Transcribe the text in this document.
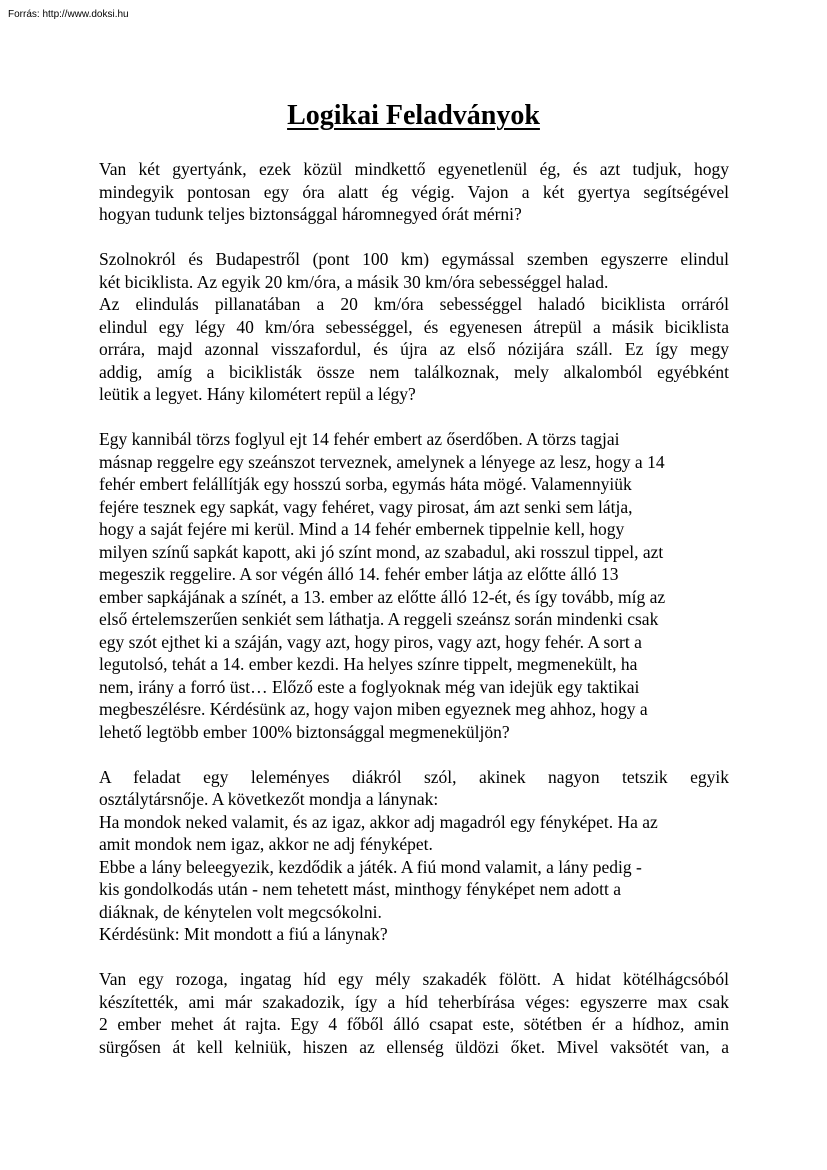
Forrás: http://www.doksi.hu
Logikai Feladványok

Van két gyertyánk, ezek közül mindkettő egyenetlenül ég, és azt tudjuk, hogy
mindegyik pontosan egy óra alatt ég végig. Vajon a két gyertya segítségével
hogyan tudunk teljes biztonsággal háromnegyed órát mérni?

Szolnokról és Budapestről (pont 100 km) egymással szemben egyszerre elindul
két biciklista. Az egyik 20 km/óra, a másik 30 km/óra sebességgel halad.
Az elindulás pillanatában a 20 km/óra sebességgel haladó biciklista orráról
elindul egy légy 40 km/óra sebességgel, és egyenesen átrepül a másik biciklista
orrára, majd azonnal visszafordul, és újra az első nózijára száll. Ez így megy
addig, amíg a biciklisták össze nem találkoznak, mely alkalomból egyébként
leütik a legyet. Hány kilométert repül a légy?

Egy kannibál törzs foglyul ejt 14 fehér embert az őserdőben. A törzs tagjai
másnap reggelre egy szeánszot terveznek, amelynek a lényege az lesz, hogy a 14
fehér embert felállítják egy hosszú sorba, egymás háta mögé. Valamennyiük
fejére tesznek egy sapkát, vagy fehéret, vagy pirosat, ám azt senki sem látja,
hogy a saját fejére mi kerül. Mind a 14 fehér embernek tippelnie kell, hogy
milyen színű sapkát kapott, aki jó színt mond, az szabadul, aki rosszul tippel, azt
megeszik reggelire. A sor végén álló 14. fehér ember látja az előtte álló 13
ember sapkájának a színét, a 13. ember az előtte álló 12-ét, és így tovább, míg az
első értelemszerűen senkiét sem láthatja. A reggeli szeánsz során mindenki csak
egy szót ejthet ki a száján, vagy azt, hogy piros, vagy azt, hogy fehér. A sort a
legutolsó, tehát a 14. ember kezdi. Ha helyes színre tippelt, megmenekült, ha
nem, irány a forró üst… Előző este a foglyoknak még van idejük egy taktikai
megbeszélésre. Kérdésünk az, hogy vajon miben egyeznek meg ahhoz, hogy a
lehető legtöbb ember 100% biztonsággal megmeneküljön?

A feladat egy leleményes diákról szól, akinek nagyon tetszik egyik
osztálytársnője. A következőt mondja a lánynak:
Ha mondok neked valamit, és az igaz, akkor adj magadról egy fényképet. Ha az
amit mondok nem igaz, akkor ne adj fényképet.
Ebbe a lány beleegyezik, kezdődik a játék. A fiú mond valamit, a lány pedig -
kis gondolkodás után - nem tehetett mást, minthogy fényképet nem adott a
diáknak, de kénytelen volt megcsókolni.
Kérdésünk: Mit mondott a fiú a lánynak?

Van egy rozoga, ingatag híd egy mély szakadék fölött. A hidat kötélhágcsóból
készítették, ami már szakadozik, így a híd teherbírása véges: egyszerre max csak
2 ember mehet át rajta. Egy 4 főből álló csapat este, sötétben ér a hídhoz, amin
sürgősen át kell kelniük, hiszen az ellenség üldözi őket. Mivel vaksötét van, a
